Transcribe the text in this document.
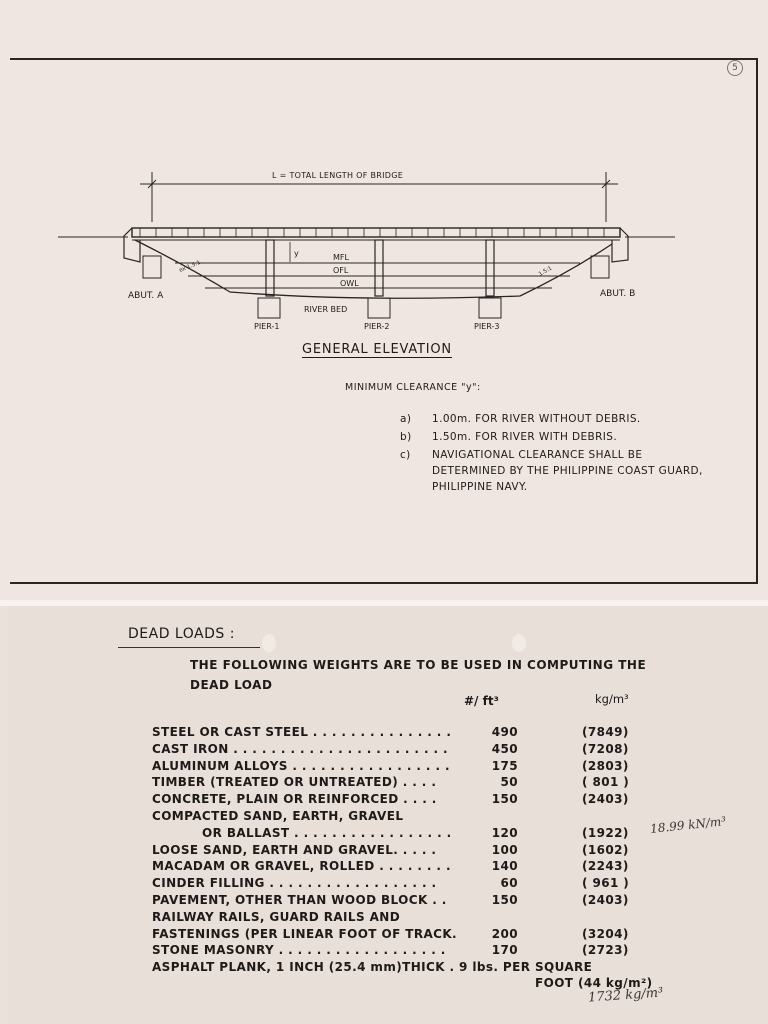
5
L = TOTAL LENGTH OF BRIDGE
y	MFL
OFL
OWL
ex 1.5:1	1.5:1
ABUT. A	ABUT. B
RIVER BED
PIER-1	PIER-2	PIER-3
GENERAL ELEVATION
MINIMUM CLEARANCE "y":
a)	1.00m. FOR RIVER WITHOUT DEBRIS.
b)	1.50m. FOR RIVER WITH DEBRIS.
c)	NAVIGATIONAL CLEARANCE SHALL BE DETERMINED BY THE PHILIPPINE COAST GUARD, PHILIPPINE NAVY.
DEAD LOADS :
THE FOLLOWING WEIGHTS ARE TO BE USED IN COMPUTING THE DEAD LOAD
#/ ft³	kg/m³
STEEL OR CAST STEEL . . . . . . . . . . . . . . .	490	(7849)
CAST IRON . . . . . . . . . . . . . . . . . . . . . . .	450	(7208)
ALUMINUM ALLOYS . . . . . . . . . . . . . . . . .	175	(2803)
TIMBER (TREATED OR UNTREATED) . . . .	50	( 801 )
CONCRETE, PLAIN OR REINFORCED . . . .	150	(2403)
COMPACTED SAND, EARTH, GRAVEL
OR BALLAST . . . . . . . . . . . . . . . . .	120	(1922)
LOOSE SAND, EARTH AND GRAVEL. . . . .	100	(1602)
MACADAM OR GRAVEL, ROLLED . . . . . . . .	140	(2243)
CINDER FILLING . . . . . . . . . . . . . . . . . .	60	( 961 )
PAVEMENT, OTHER THAN WOOD BLOCK . .	150	(2403)
RAILWAY RAILS, GUARD RAILS AND
FASTENINGS (PER LINEAR FOOT OF TRACK.	200	(3204)
STONE MASONRY . . . . . . . . . . . . . . . . . .	170	(2723)
ASPHALT PLANK, 1 INCH (25.4 mm)THICK . 9 lbs. PER SQUARE
FOOT (44 kg/m²)
18.99 kN/m³
1732 kg/m³
